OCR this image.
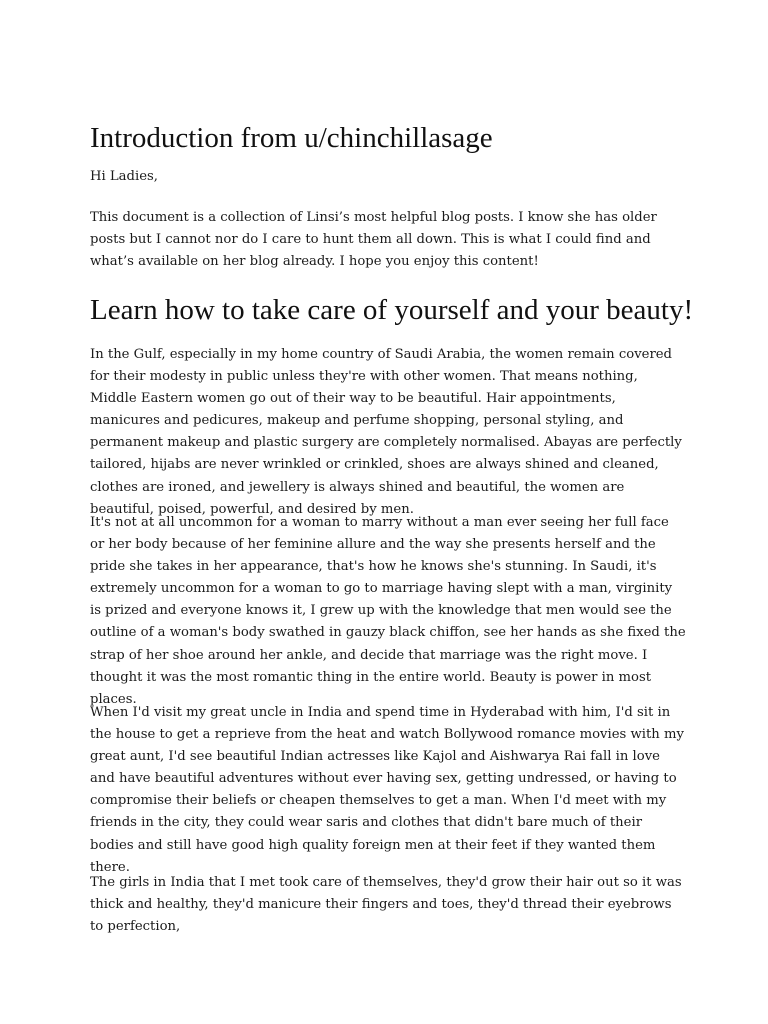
Introduction from u/chinchillasage

Hi Ladies,

This document is a collection of Linsi’s most helpful blog posts. I know she has older posts but I cannot nor do I care to hunt them all down. This is what I could find and what’s available on her blog already. I hope you enjoy this content!

Learn how to take care of yourself and your beauty!

In the Gulf, especially in my home country of Saudi Arabia, the women remain covered for their modesty in public unless they're with other women. That means nothing, Middle Eastern women go out of their way to be beautiful. Hair appointments, manicures and pedicures, makeup and perfume shopping, personal styling, and permanent makeup and plastic surgery are completely normalised. Abayas are perfectly tailored, hijabs are never wrinkled or crinkled, shoes are always shined and cleaned, clothes are ironed, and jewellery is always shined and beautiful, the women are beautiful, poised, powerful, and desired by men.

It's not at all uncommon for a woman to marry without a man ever seeing her full face or her body because of her feminine allure and the way she presents herself and the pride she takes in her appearance, that's how he knows she's stunning. In Saudi, it's extremely uncommon for a woman to go to marriage having slept with a man, virginity is prized and everyone knows it, I grew up with the knowledge that men would see the outline of a woman's body swathed in gauzy black chiffon, see her hands as she fixed the strap of her shoe around her ankle, and decide that marriage was the right move. I thought it was the most romantic thing in the entire world. Beauty is power in most places.

When I'd visit my great uncle in India and spend time in Hyderabad with him, I'd sit in the house to get a reprieve from the heat and watch Bollywood romance movies with my great aunt, I'd see beautiful Indian actresses like Kajol and Aishwarya Rai fall in love and have beautiful adventures without ever having sex, getting undressed, or having to compromise their beliefs or cheapen themselves to get a man. When I'd meet with my friends in the city, they could wear saris and clothes that didn't bare much of their bodies and still have good high quality foreign men at their feet if they wanted them there.

The girls in India that I met took care of themselves, they'd grow their hair out so it was thick and healthy, they'd manicure their fingers and toes, they'd thread their eyebrows to perfection,
